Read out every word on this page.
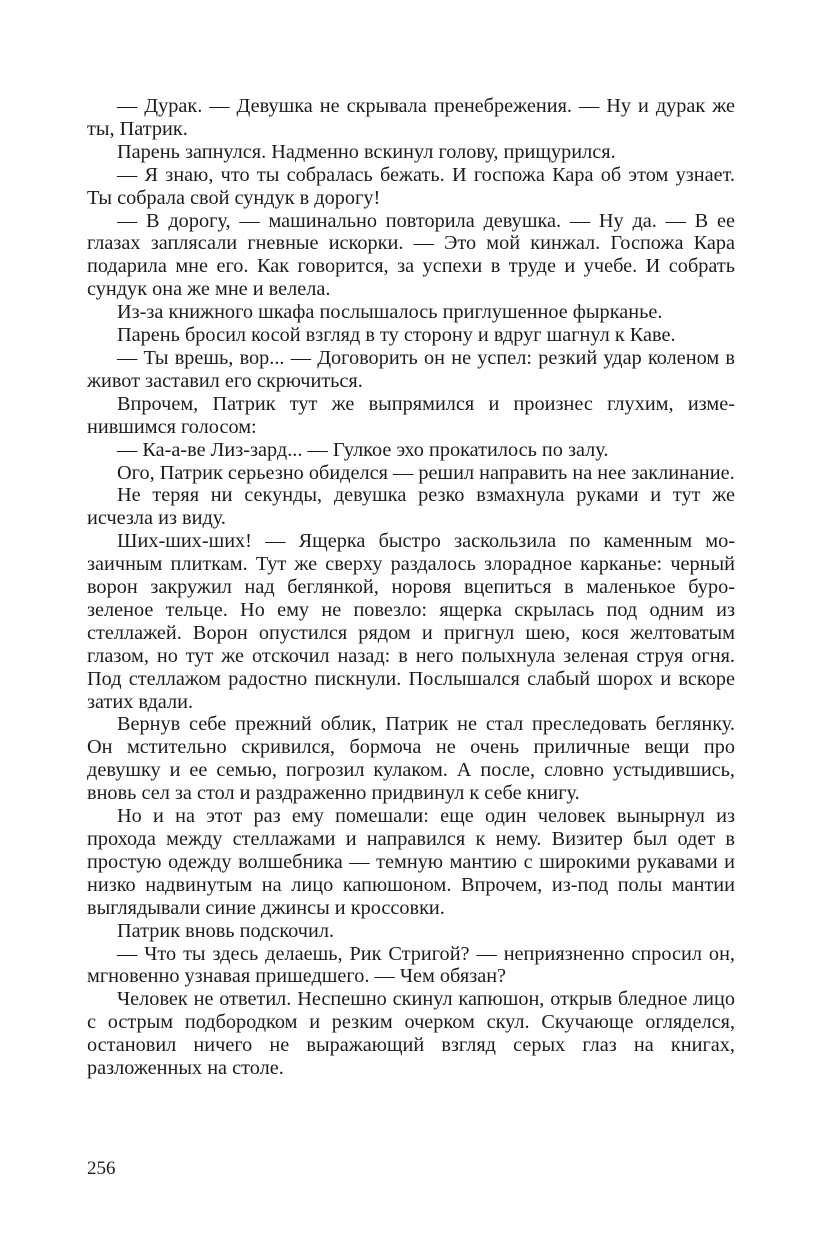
— Дурак. — Девушка не скрывала пренебрежения. — Ну и дурак же ты, Патрик.

Парень запнулся. Надменно вскинул голову, прищурился.

— Я знаю, что ты собралась бежать. И госпожа Кара об этом узнает. Ты собрала свой сундук в дорогу!

— В дорогу, — машинально повторила девушка. — Ну да. — В ее глазах заплясали гневные искорки. — Это мой кинжал. Госпожа Кара подарила мне его. Как говорится, за успехи в труде и учебе. И собрать сундук она же мне и велела.

Из-за книжного шкафа послышалось приглушенное фырканье.

Парень бросил косой взгляд в ту сторону и вдруг шагнул к Каве.

— Ты врешь, вор... — Договорить он не успел: резкий удар коленом в живот заставил его скрючиться.

Впрочем, Патрик тут же выпрямился и произнес глухим, изменившимся голосом:

— Ка-а-ве Лиз-зард... — Гулкое эхо прокатилось по залу.

Ого, Патрик серьезно обиделся — решил направить на нее заклинание.

Не теряя ни секунды, девушка резко взмахнула руками и тут же исчезла из виду.

Ших-ших-ших! — Ящерка быстро заскользила по каменным мозаичным плиткам. Тут же сверху раздалось злорадное карканье: черный ворон закружил над беглянкой, норовя вцепиться в маленькое буро-зеленое тельце. Но ему не повезло: ящерка скрылась под одним из стеллажей. Ворон опустился рядом и пригнул шею, кося желтоватым глазом, но тут же отскочил назад: в него полыхнула зеленая струя огня. Под стеллажом радостно пискнули. Послышался слабый шорох и вскоре затих вдали.

Вернув себе прежний облик, Патрик не стал преследовать беглянку. Он мстительно скривился, бормоча не очень приличные вещи про девушку и ее семью, погрозил кулаком. А после, словно устыдившись, вновь сел за стол и раздраженно придвинул к себе книгу.

Но и на этот раз ему помешали: еще один человек вынырнул из прохода между стеллажами и направился к нему. Визитер был одет в простую одежду волшебника — темную мантию с широкими рукавами и низко надвинутым на лицо капюшоном. Впрочем, из-под полы мантии выглядывали синие джинсы и кроссовки.

Патрик вновь подскочил.

— Что ты здесь делаешь, Рик Стригой? — неприязненно спросил он, мгновенно узнавая пришедшего. — Чем обязан?

Человек не ответил. Неспешно скинул капюшон, открыв бледное лицо с острым подбородком и резким очерком скул. Скучающе огляделся, остановил ничего не выражающий взгляд серых глаз на книгах, разложенных на столе.

256
